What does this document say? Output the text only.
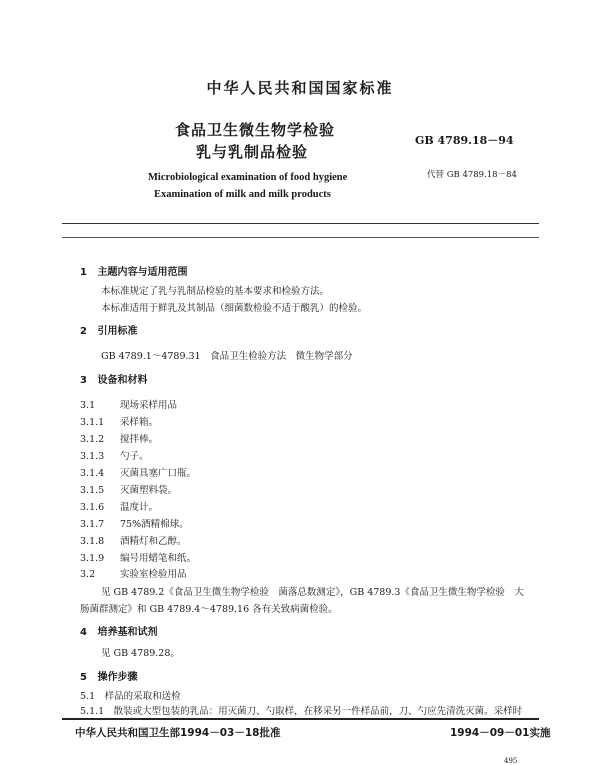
中华人民共和国国家标准
食品卫生微生物学检验
乳与乳制品检验
GB 4789.18－94
代替 GB 4789.18－84
Microbiological examination of food hygiene
Examination of milk and milk products
1 主题内容与适用范围
本标准规定了乳与乳制品检验的基本要求和检验方法。
本标准适用于鲜乳及其制品（细菌数检验不适于酸乳）的检验。
2 引用标准
GB 4789.1～4789.31　食品卫生检验方法　微生物学部分
3 设备和材料
3.1	现场采样用品
3.1.1 采样箱。
3.1.2 搅拌棒。
3.1.3 勺子。
3.1.4 灭菌具塞广口瓶。
3.1.5 灭菌塑料袋。
3.1.6 温度计。
3.1.7 75%酒精棉球。
3.1.8 酒精灯和乙醇。
3.1.9 编号用蜡笔和纸。
3.2	实验室检验用品
见 GB 4789.2《食品卫生微生物学检验　菌落总数测定》，GB 4789.3《食品卫生微生物学检验　大
肠菌群测定》和 GB 4789.4～4789.16 各有关致病菌检验。
4 培养基和试剂
见 GB 4789.28。
5 操作步骤
5.1　样品的采取和送检
5.1.1　散装或大型包装的乳品：用灭菌刀、勺取样，在移采另一件样品前，刀、勺应先清洗灭菌。采样时
中华人民共和国卫生部1994－03－18批准	1994－09－01实施
495
